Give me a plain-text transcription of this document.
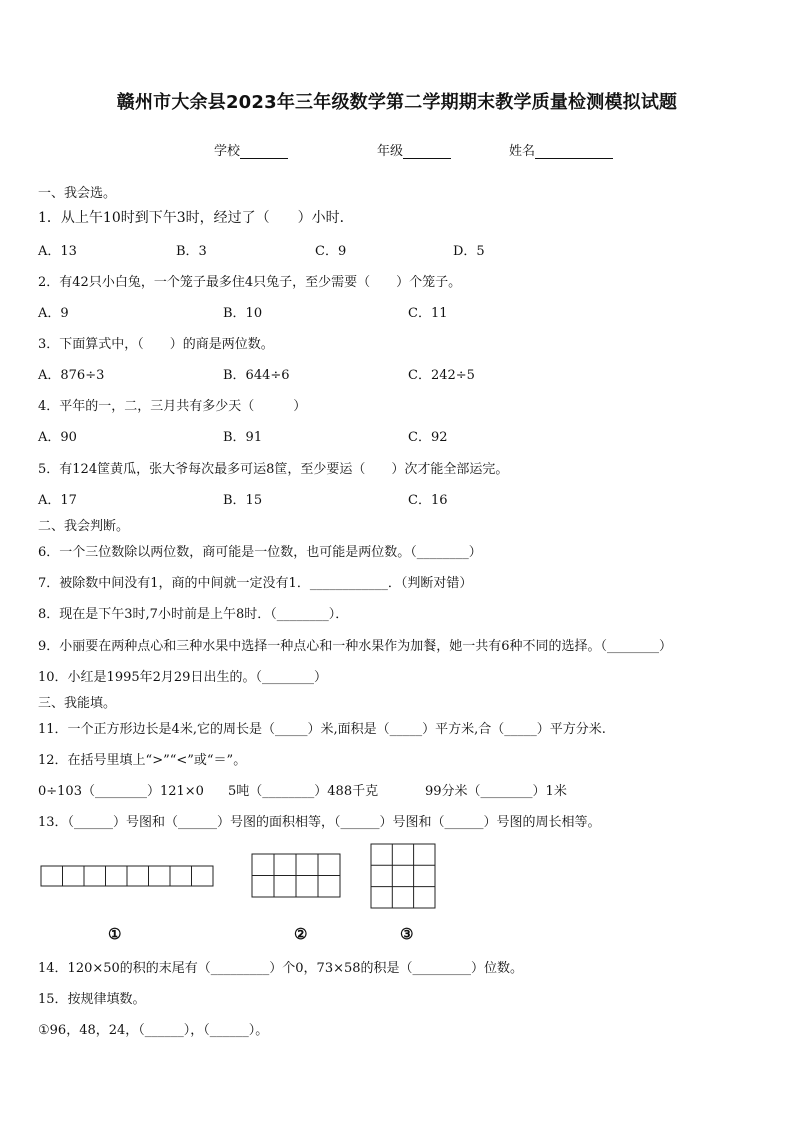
赣州市大余县2023年三年级数学第二学期期末教学质量检测模拟试题
学校	年级	姓名
一、我会选。
1．从上午10时到下午3时，经过了（　　）小时．
A．13	B．3	C．9	D．5
2．有42只小白兔，一个笼子最多住4只兔子，至少需要（　　）个笼子。
A．9	B．10	C．11
3．下面算式中，（　　）的商是两位数。
A．876÷3	B．644÷6	C．242÷5
4．平年的一，二，三月共有多少天（　　　）
A．90	B．91	C．92
5．有124筐黄瓜，张大爷每次最多可运8筐，至少要运（　　）次才能全部运完。
A．17	B．15	C．16
二、我会判断。
6．一个三位数除以两位数，商可能是一位数，也可能是两位数。（________）
7．被除数中间没有1，商的中间就一定没有1．____________．（判断对错）
8．现在是下午3时,7小时前是上午8时．（________）．
9．小丽要在两种点心和三种水果中选择一种点心和一种水果作为加餐，她一共有6种不同的选择。（________）
10．小红是1995年2月29日出生的。（________）
三、我能填。
11．一个正方形边长是4米,它的周长是（_____）米,面积是（_____）平方米,合（_____）平方分米.
12．在括号里填上“>”“<”或“＝”。
0÷103（________）121×0 5吨（________）488千克	99分米（________）1米
13．（______）号图和（______）号图的面积相等，（______）号图和（______）号图的周长相等。
①	②	③
14．120×50的积的末尾有（_________）个0，73×58的积是（_________）位数。
15．按规律填数。
①96，48，24，（______），（______）。
